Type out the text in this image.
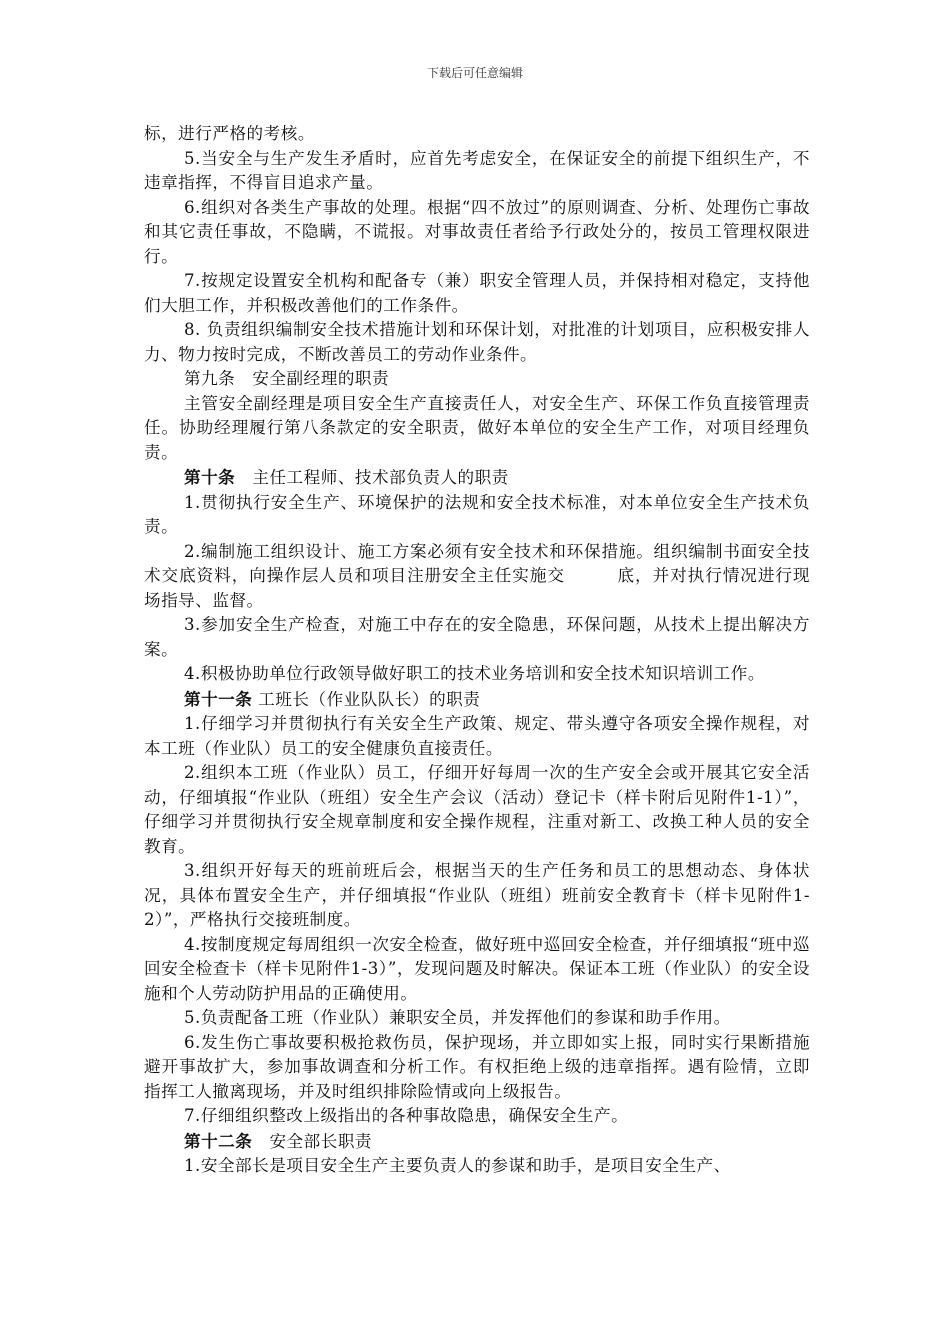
下载后可任意编辑

标，进行严格的考核。

5.当安全与生产发生矛盾时，应首先考虑安全，在保证安全的前提下组织生产，不违章指挥，不得盲目追求产量。

6.组织对各类生产事故的处理。根据“四不放过”的原则调查、分析、处理伤亡事故和其它责任事故，不隐瞒，不谎报。对事故责任者给予行政处分的，按员工管理权限进行。

7.按规定设置安全机构和配备专（兼）职安全管理人员，并保持相对稳定，支持他们大胆工作，并积极改善他们的工作条件。

8. 负责组织编制安全技术措施计划和环保计划，对批准的计划项目，应积极安排人力、物力按时完成，不断改善员工的劳动作业条件。

第九条　安全副经理的职责

主管安全副经理是项目安全生产直接责任人，对安全生产、环保工作负直接管理责任。协助经理履行第八条款定的安全职责，做好本单位的安全生产工作，对项目经理负责。

第十条　主任工程师、技术部负责人的职责

1.贯彻执行安全生产、环境保护的法规和安全技术标准，对本单位安全生产技术负责。

2.编制施工组织设计、施工方案必须有安全技术和环保措施。组织编制书面安全技术交底资料，向操作层人员和项目注册安全主任实施交　　　底，并对执行情况进行现场指导、监督。

3.参加安全生产检查，对施工中存在的安全隐患，环保问题，从技术上提出解决方案。

4.积极协助单位行政领导做好职工的技术业务培训和安全技术知识培训工作。

第十一条 工班长（作业队队长）的职责

1.仔细学习并贯彻执行有关安全生产政策、规定、带头遵守各项安全操作规程，对本工班（作业队）员工的安全健康负直接责任。

2.组织本工班（作业队）员工，仔细开好每周一次的生产安全会或开展其它安全活动，仔细填报“作业队（班组）安全生产会议（活动）登记卡（样卡附后见附件1-1）”，仔细学习并贯彻执行安全规章制度和安全操作规程，注重对新工、改换工种人员的安全教育。

3.组织开好每天的班前班后会，根据当天的生产任务和员工的思想动态、身体状况，具体布置安全生产，并仔细填报“作业队（班组）班前安全教育卡（样卡见附件1-2）”，严格执行交接班制度。

4.按制度规定每周组织一次安全检查，做好班中巡回安全检查，并仔细填报“班中巡回安全检查卡（样卡见附件1-3）”，发现问题及时解决。保证本工班（作业队）的安全设施和个人劳动防护用品的正确使用。

5.负责配备工班（作业队）兼职安全员，并发挥他们的参谋和助手作用。

6.发生伤亡事故要积极抢救伤员，保护现场，并立即如实上报，同时实行果断措施避开事故扩大，参加事故调查和分析工作。有权拒绝上级的违章指挥。遇有险情，立即指挥工人撤离现场，并及时组织排除险情或向上级报告。

7.仔细组织整改上级指出的各种事故隐患，确保安全生产。

第十二条　安全部长职责

1.安全部长是项目安全生产主要负责人的参谋和助手，是项目安全生产、
